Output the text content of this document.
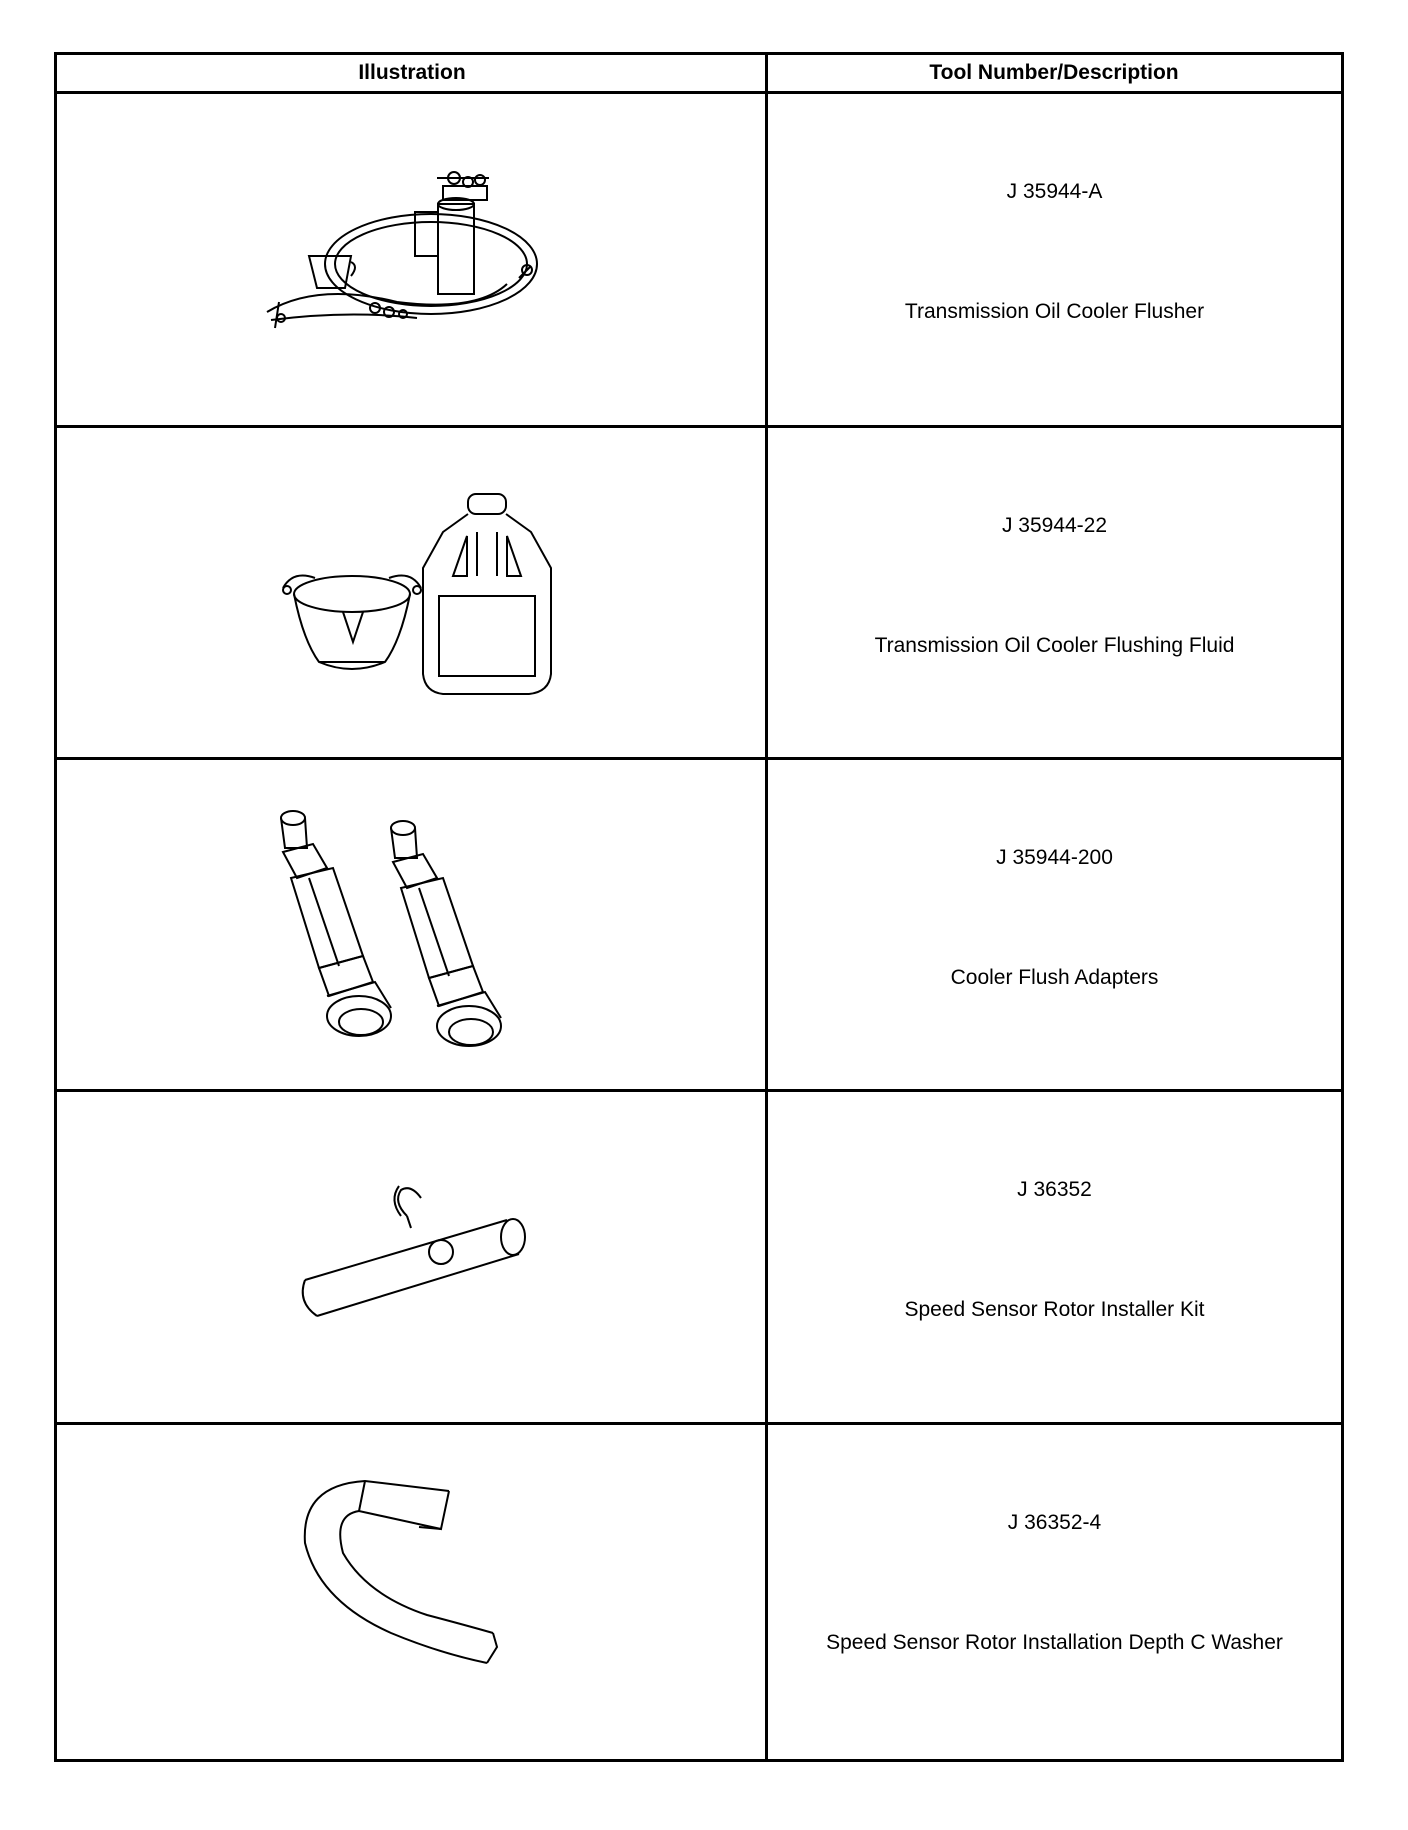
Illustration	Tool Number/Description
J 35944-A
Transmission Oil Cooler Flusher
J 35944-22
Transmission Oil Cooler Flushing Fluid
J 35944-200
Cooler Flush Adapters
J 36352
Speed Sensor Rotor Installer Kit
J 36352-4
Speed Sensor Rotor Installation Depth C Washer
